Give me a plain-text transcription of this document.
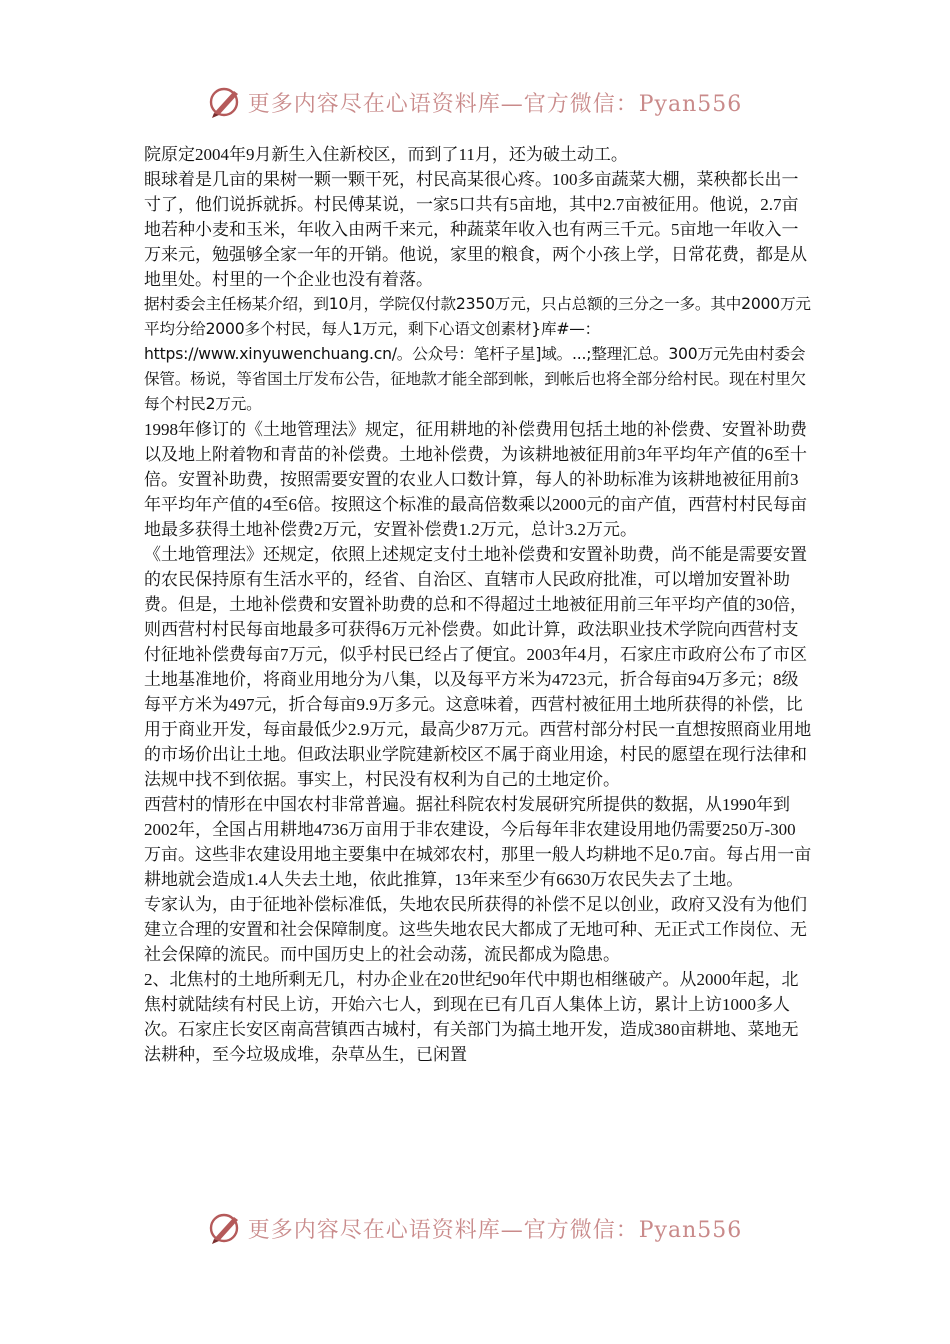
更多内容尽在心语资料库—官方微信：Pyan556

院原定2004年9月新生入住新校区，而到了11月，还为破土动工。

眼球着是几亩的果树一颗一颗干死，村民高某很心疼。100多亩蔬菜大棚，菜秧都长出一寸了，他们说拆就拆。村民傅某说，一家5口共有5亩地，其中2.7亩被征用。他说，2.7亩地若种小麦和玉米，年收入由两千来元，种蔬菜年收入也有两三千元。5亩地一年收入一万来元，勉强够全家一年的开销。他说，家里的粮食，两个小孩上学，日常花费，都是从地里处。村里的一个企业也没有着落。

据村委会主任杨某介绍，到10月，学院仅付款2350万元，只占总额的三分之一多。其中2000万元平均分给2000多个村民，每人1万元，剩下心语文创素材}库#—：https://www.xinyuwenchuang.cn/。公众号：笔杆子星]域。...;整理汇总。300万元先由村委会保管。杨说，等省国土厅发布公告，征地款才能全部到帐，到帐后也将全部分给村民。现在村里欠每个村民2万元。

1998年修订的《土地管理法》规定，征用耕地的补偿费用包括土地的补偿费、安置补助费以及地上附着物和青苗的补偿费。土地补偿费，为该耕地被征用前3年平均年产值的6至十倍。安置补助费，按照需要安置的农业人口数计算，每人的补助标准为该耕地被征用前3年平均年产值的4至6倍。按照这个标准的最高倍数乘以2000元的亩产值，西营村村民每亩地最多获得土地补偿费2万元，安置补偿费1.2万元，总计3.2万元。

《土地管理法》还规定，依照上述规定支付土地补偿费和安置补助费，尚不能是需要安置的农民保持原有生活水平的，经省、自治区、直辖市人民政府批准，可以增加安置补助费。但是，土地补偿费和安置补助费的总和不得超过土地被征用前三年平均产值的30倍，则西营村村民每亩地最多可获得6万元补偿费。如此计算，政法职业技术学院向西营村支付征地补偿费每亩7万元，似乎村民已经占了便宜。2003年4月，石家庄市政府公布了市区土地基准地价，将商业用地分为八集，以及每平方米为4723元，折合每亩94万多元；8级每平方米为497元，折合每亩9.9万多元。这意味着，西营村被征用土地所获得的补偿，比用于商业开发，每亩最低少2.9万元，最高少87万元。西营村部分村民一直想按照商业用地的市场价出让土地。但政法职业学院建新校区不属于商业用途，村民的愿望在现行法律和法规中找不到依据。事实上，村民没有权利为自己的土地定价。

西营村的情形在中国农村非常普遍。据社科院农村发展研究所提供的数据，从1990年到2002年，全国占用耕地4736万亩用于非农建设，今后每年非农建设用地仍需要250万-300万亩。这些非农建设用地主要集中在城郊农村，那里一般人均耕地不足0.7亩。每占用一亩耕地就会造成1.4人失去土地，依此推算，13年来至少有6630万农民失去了土地。

专家认为，由于征地补偿标准低，失地农民所获得的补偿不足以创业，政府又没有为他们建立合理的安置和社会保障制度。这些失地农民大都成了无地可种、无正式工作岗位、无社会保障的流民。而中国历史上的社会动荡，流民都成为隐患。

2、北焦村的土地所剩无几，村办企业在20世纪90年代中期也相继破产。从2000年起，北焦村就陆续有村民上访，开始六七人，到现在已有几百人集体上访，累计上访1000多人次。石家庄长安区南高营镇西古城村，有关部门为搞土地开发，造成380亩耕地、菜地无法耕种，至今垃圾成堆，杂草丛生，已闲置

更多内容尽在心语资料库—官方微信：Pyan556
